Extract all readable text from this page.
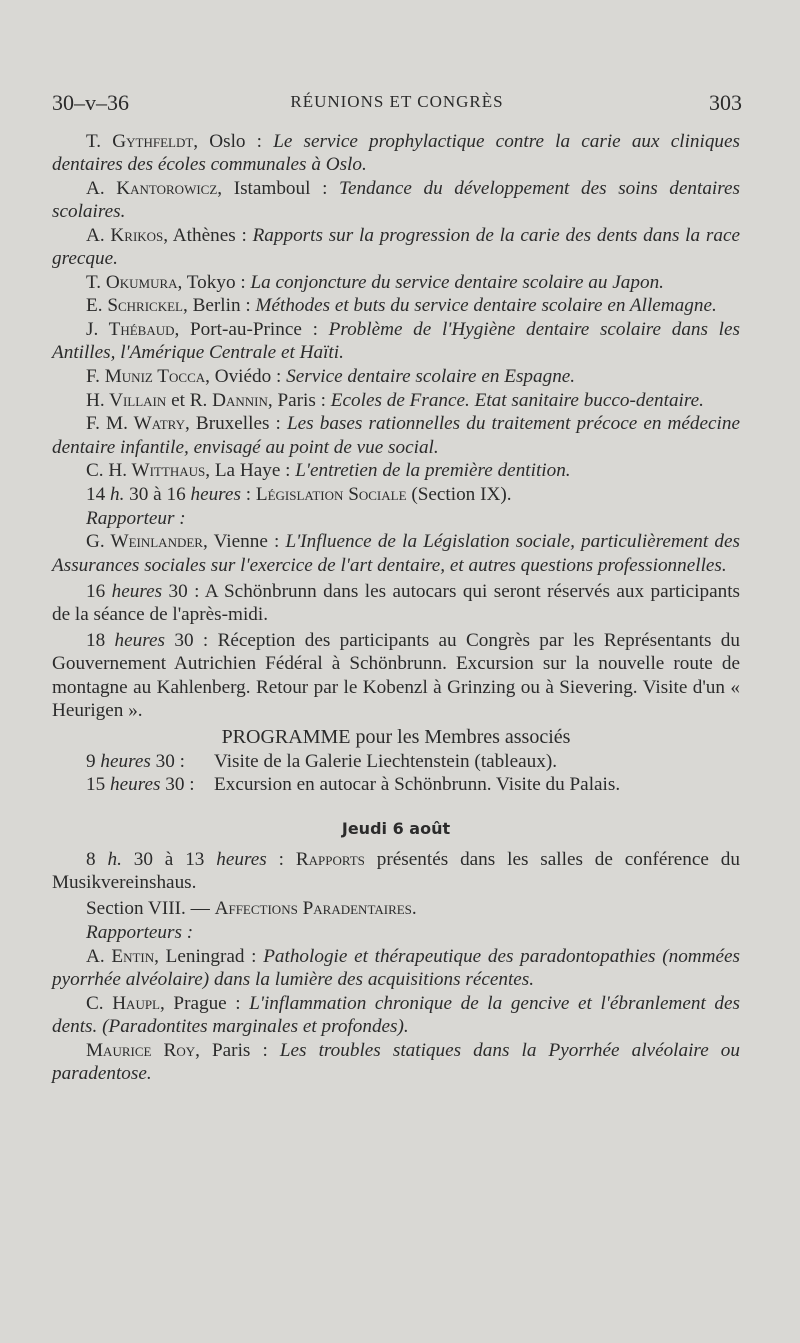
30–v–36	RÉUNIONS ET CONGRÈS	303

T. Gythfeldt, Oslo : Le service prophylactique contre la carie aux cliniques dentaires des écoles communales à Oslo.

A. Kantorowicz, Istamboul : Tendance du développement des soins dentaires scolaires.

A. Krikos, Athènes : Rapports sur la progression de la carie des dents dans la race grecque.

T. Okumura, Tokyo : La conjoncture du service dentaire scolaire au Japon.

E. Schrickel, Berlin : Méthodes et buts du service dentaire scolaire en Allemagne.

J. Thébaud, Port-au-Prince : Problème de l'Hygiène dentaire scolaire dans les Antilles, l'Amérique Centrale et Haïti.

F. Muniz Tocca, Oviédo : Service dentaire scolaire en Espagne.

H. Villain et R. Dannin, Paris : Ecoles de France. Etat sanitaire bucco-dentaire.

F. M. Watry, Bruxelles : Les bases rationnelles du traitement précoce en médecine dentaire infantile, envisagé au point de vue social.

C. H. Witthaus, La Haye : L'entretien de la première dentition.

14 h. 30 à 16 heures : Législation Sociale (Section IX).

Rapporteur :

G. Weinlander, Vienne : L'Influence de la Législation sociale, particulièrement des Assurances sociales sur l'exercice de l'art dentaire, et autres questions professionnelles.

16 heures 30 : A Schönbrunn dans les autocars qui seront réservés aux participants de la séance de l'après-midi.

18 heures 30 : Réception des participants au Congrès par les Représentants du Gouvernement Autrichien Fédéral à Schönbrunn. Excursion sur la nouvelle route de montagne au Kahlenberg. Retour par le Kobenzl à Grinzing ou à Sievering. Visite d'un « Heurigen ».

PROGRAMME pour les Membres associés
9 heures 30 :	Visite de la Galerie Liechtenstein (tableaux).
15 heures 30 :	Excursion en autocar à Schönbrunn. Visite du Palais.
Jeudi 6 août

8 h. 30 à 13 heures : Rapports présentés dans les salles de conférence du Musikvereinshaus.

Section VIII. — Affections Paradentaires.

Rapporteurs :

A. Entin, Leningrad : Pathologie et thérapeutique des paradontopathies (nommées pyorrhée alvéolaire) dans la lumière des acquisitions récentes.

C. Haupl, Prague : L'inflammation chronique de la gencive et l'ébranlement des dents. (Paradontites marginales et profondes).

Maurice Roy, Paris : Les troubles statiques dans la Pyorrhée alvéolaire ou paradentose.
